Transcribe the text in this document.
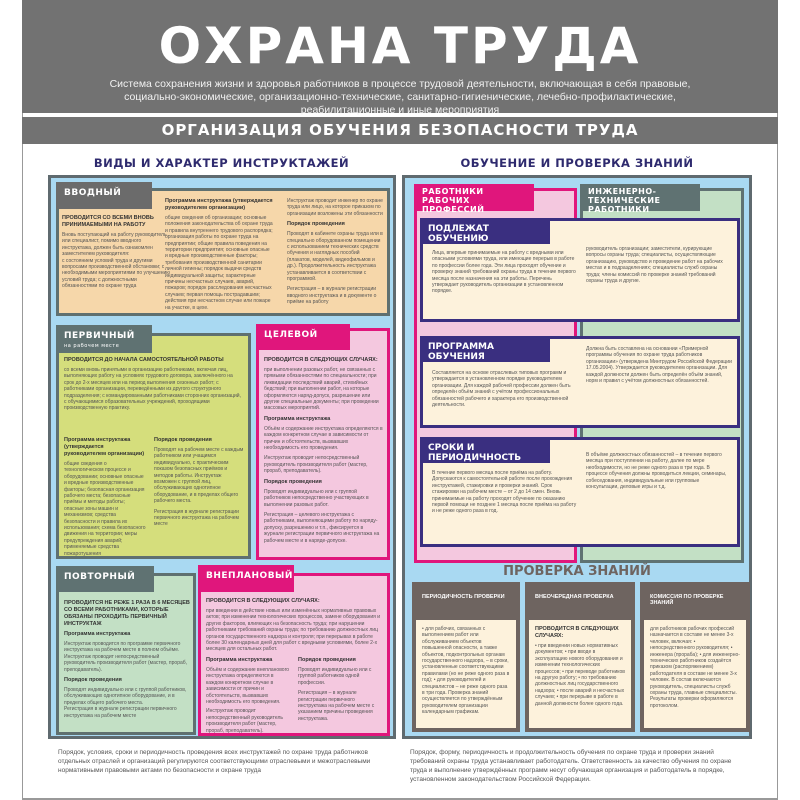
ОХРАНА ТРУДА
Система сохранения жизни и здоровья работников в процессе трудовой деятельности, включающая в себя правовые, социально-экономические, организационно-технические, санитарно-гигиенические, лечебно-профилактические, реабилитационные и иные мероприятия
ОРГАНИЗАЦИЯ ОБУЧЕНИЯ БЕЗОПАСНОСТИ ТРУДА
ВИДЫ И ХАРАКТЕР ИНСТРУКТАЖЕЙ	ОБУЧЕНИЕ И ПРОВЕРКА ЗНАНИЙ
ВВОДНЫЙ
ПРОВОДИТСЯ СО ВСЕМИ ВНОВЬ ПРИНИМАЕМЫМИ НА РАБОТУ
Вновь поступающий на работу руководитель или специалист, помимо вводного инструктажа, должен быть ознакомлен заместителем руководителя:
с состоянием условий труда и другими вопросами производственной обстановки; с необходимыми мероприятиями по улучшению условий труда; с должностными обязанностями по охране труда
Программа инструктажа (утверждается руководителем организации)
общие сведения об организации; основные положения законодательства об охране труда и правила внутреннего трудового распорядка; организация работы по охране труда на предприятии; общие правила поведения на территории предприятия; основные опасные и вредные производственные факторы; требования производственной санитарии личной гигиены; порядок выдачи средств индивидуальной защиты; характерные причины несчастных случаев, аварий, пожаров; порядок расследования несчастных случаев; первая помощь пострадавшим; действия при несчастном случае или пожаре на участке, в цехе.
Инструктаж проводит инженер по охране труда или лицо, на которое приказом по организации возложены эти обязанности
Порядок проведения
Проводят в кабинете охраны труда или в специально оборудованном помещении с использованием технических средств обучения и наглядных пособий (плакатов, моделей, видеофильмов и др.). Продолжительность инструктажа устанавливается в соответствии с программой.
Регистрация – в журнале регистрации вводного инструктажа и в документе о приёме на работу
ПЕРВИЧНЫЙ
на рабочем месте
ПРОВОДИТСЯ ДО НАЧАЛА САМОСТОЯТЕЛЬНОЙ РАБОТЫ
со всеми вновь принятыми в организацию работниками, включая лиц, выполняющих работу на условиях трудового договора, заключённого на срок до 2-х месяцев или на период выполнения сезонных работ; с работниками организации, переведёнными из другого структурного подразделения; с командированными работниками сторонних организаций, с обучающимися образовательных учреждений, проходящими производственную практику.
Программа инструктажа (утверждается руководителем организации)
общие сведения о технологическом процессе и оборудовании; основные опасные и вредные производственные факторы; безопасная организация рабочего места; безопасные приёмы и методы работы; опасные зоны машин и механизмов; средства безопасности и правила их использования; схема безопасного движения на территории; меры предупреждения аварий; применяемые средства пожаротушения
Порядок проведения
Проводят на рабочем месте с каждым работником или учащимся индивидуально, с практическим показом безопасных приёмов и методов работы. Инструктаж возможен с группой лиц, обслуживающих однотипное оборудование, и в пределах общего рабочего места.
Регистрация в журнале регистрации первичного инструктажа на рабочем месте
ЦЕЛЕВОЙ
ПРОВОДИТСЯ В СЛЕДУЮЩИХ СЛУЧАЯХ:
при выполнении разовых работ, не связанных с прямыми обязанностями по специальности; при ликвидации последствий аварий, стихийных бедствий; при выполнении работ, на которые оформляются наряд-допуск, разрешение или другие специальные документы; при проведении массовых мероприятий.
Программа инструктажа
Объём и содержание инструктажа определяются в каждом конкретном случае в зависимости от причин и обстоятельств, вызвавших необходимость его проведения.
Инструктаж проводит непосредственный руководитель производителя работ (мастер, прораб, преподаватель).
Порядок проведения
Проводят индивидуально или с группой работников непосредственно участвующих в выполнении разовых работ.
Регистрация – целевого инструктажа с работниками, выполняющими работу по наряду-допуску, разрешению и т.п., фиксируется в журнале регистрации первичного инструктажа на рабочем месте и в наряде-допуске.
ПОВТОРНЫЙ
ПРОВОДИТСЯ НЕ РЕЖЕ 1 РАЗА В 6 МЕСЯЦЕВ СО ВСЕМИ РАБОТНИКАМИ, КОТОРЫЕ ОБЯЗАНЫ ПРОХОДИТЬ ПЕРВИЧНЫЙ ИНСТРУКТАЖ
Программа инструктажа
Инструктаж проводится по программе первичного инструктажа на рабочем месте в полном объёме. Инструктаж проводит непосредственный руководитель производителя работ (мастер, прораб, преподаватель).
Порядок проведения
Проводят индивидуально или с группой работников, обслуживающих однотипное оборудование, и в пределах общего рабочего места.
Регистрация в журнале регистрации первичного инструктажа на рабочем месте
ВНЕПЛАНОВЫЙ
ПРОВОДИТСЯ В СЛЕДУЮЩИХ СЛУЧАЯХ:
при введении в действие новых или изменённых нормативных правовых актов; при изменении технологических процессов, замене оборудования и других факторов, влияющих на безопасность труда; при нарушении работниками требований охраны труда; по требованию должностных лиц органов государственного надзора и контроля; при перерывах в работе более 30 календарных дней для работ с вредными условиями, более 2-х месяцев для остальных работ.
Программа инструктажа
Объём и содержание внепланового инструктажа определяются в каждом конкретном случае в зависимости от причин и обстоятельств, вызвавших необходимость его проведения.
Инструктаж проводит непосредственный руководитель производителя работ (мастер, прораб, преподаватель).
Порядок проведения
Проводят индивидуально или с группой работников одной профессии.
Регистрация – в журнале регистрации первичного инструктажа на рабочем месте с указанием причины проведения инструктажа.
РАБОТНИКИ РАБОЧИХ ПРОФЕССИЙ
ИНЖЕНЕРНО-ТЕХНИЧЕСКИЕ РАБОТНИКИ
ПОДЛЕЖАТ ОБУЧЕНИЮ
Лица, впервые принимаемые на работу с вредными или опасными условиями труда, или имеющие перерыв в работе по профессии более года. Эти лица проходят обучение и проверку знаний требований охраны труда в течение первого месяца после назначения на эти работы. Перечень утверждает руководитель организации в установленном порядке.
руководитель организации; заместители, курирующие вопросы охраны труда; специалисты, осуществляющие организацию, руководство и проведение работ на рабочих местах и в подразделениях; специалисты служб охраны труда; члены комиссий по проверке знаний требований охраны труда и другие.
ПРОГРАММА ОБУЧЕНИЯ
Составляется на основе отраслевых типовых программ и утверждается в установленном порядке руководителем организации. Для каждой рабочей профессии должен быть определён объём знаний с учётом профессиональных обязанностей рабочего и характера его производственной деятельности.
Должна быть составлена на основании «Примерной программы обучения по охране труда работников организации» (утверждена Минтрудом Российской Федерации 17.05.2004). Утверждается руководителем организации. Для каждой должности должен быть определён объём знаний, норм и правил с учётом должностных обязанностей.
СРОКИ И ПЕРИОДИЧНОСТЬ
В течение первого месяца после приёма на работу. Допускаются к самостоятельной работе после прохождения инструктажей, стажировки и проверки знаний. Срок стажировки на рабочем месте – от 2 до 14 смен. Вновь принимаемые на работу проходят обучение по оказанию первой помощи не позднее 1 месяца после приёма на работу и не реже одного раза в год.
В объёме должностных обязанностей – в течение первого месяца при поступлении на работу, далее по мере необходимости, но не реже одного раза в три года. В процессе обучения должны проводиться лекции, семинары, собеседования, индивидуальные или групповые консультации, деловые игры и т.д.
ПРОВЕРКА ЗНАНИЙ
ПЕРИОДИЧНОСТЬ ПРОВЕРКИ
• для рабочих, связанных с выполнением работ или обслуживанием объектов повышенной опасности, а также объектов, подконтрольных органам государственного надзора, – в сроки, установленные соответствующими правилами (но не реже одного раза в год); • для руководителей и специалистов – не реже одного раза в три года. Проверка знаний осуществляется по утверждённым руководителем организации календарным графикам.
ВНЕОЧЕРЕДНАЯ ПРОВЕРКА
ПРОВОДИТСЯ В СЛЕДУЮЩИХ СЛУЧАЯХ:
• при введении новых нормативных документов; • при вводе в эксплуатацию нового оборудования и изменении технологических процессов; • при переводе работников на другую работу; • по требованию должностных лиц государственного надзора; • после аварий и несчастных случаев; • при перерыве в работе в данной должности более одного года.
КОМИССИЯ ПО ПРОВЕРКЕ ЗНАНИЙ
для работников рабочих профессий назначается в составе не менее 3-х человек, включая: • непосредственного руководителя; • инженера (прораба); • для инженерно-технических работников создаётся приказом (распоряжением) работодателя в составе не менее 3-х человек. В состав включаются руководитель, специалисты служб охраны труда, главные специалисты. Результаты проверки оформляются протоколом.
Порядок, условия, сроки и периодичность проведения всех инструктажей по охране труда работников отдельных отраслей и организаций регулируются соответствующими отраслевыми и межотраслевыми нормативными правовыми актами по безопасности и охране труда
Порядок, форму, периодичность и продолжительность обучения по охране труда и проверки знаний требований охраны труда устанавливает работодатель. Ответственность за качество обучения по охране труда и выполнение утверждённых программ несут обучающая организация и работодатель в порядке, установленном законодательством Российской Федерации.
